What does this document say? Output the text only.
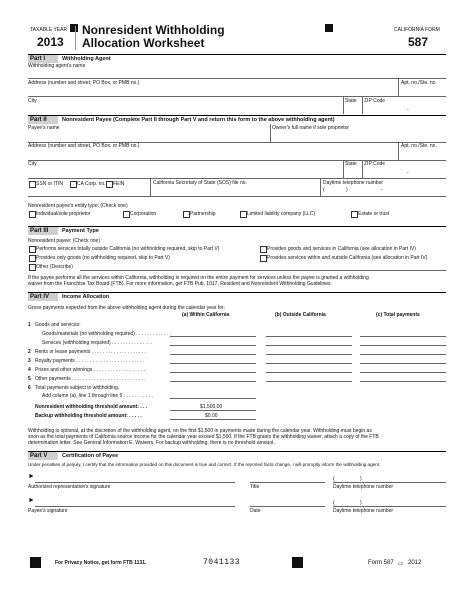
TAXABLE YEAR
2013
Nonresident Withholding
Allocation Worksheet
CALIFORNIA FORM
587
Part I	Withholding Agent
Withholding agent's name
Address (number and street, PO Box, or PMB no.)	Apt. no./Ste. no.
City	State ZIP Code
-
Part II	Nonresident Payee (Complete Part II through Part V and return this form to the above withholding agent)
Payee's name	Owner's full name if sole proprietor
Address (number and street, PO Box, or PMB no.)	Apt. no./Ste. no.
City	State ZIP Code
-
SSN or ITIN	CA Corp. no. FEIN	California Secretary of State (SOS) file no.	Daytime telephone number
(	)	-
Nonresident payee's entity type: (Check one)
Individual/sole proprietor	Corporation	Partnership	Limited liability company (LLC)	Estate or trust
Part III	Payment Type
Nonresident payee: (Check one)
Performs services totally outside California (no withholding required, skip to Part V)	Provides goods and services in California (see allocation in Part IV)
Provides only goods (no withholding required, skip to Part V)	Provides services within and outside California (see allocation in Part IV)
Other (Describe)
If the payee performs all the services within California, withholding is required on the entire payment for services unless the payee is granted a withholding
waiver from the Franchise Tax Board (FTB). For more information, get FTB Pub. 1017, Resident and Nonresident Withholding Guidelines.
Part IV	Income Allocation
Gross payments expected from the above withholding agent during the calendar year for:
(a) Within California	(b) Outside California	(c) Total payments
1 Goods and services:
Goods/materials (no withholding required) . . . . . . . . . . . . .
Services (withholding required) . . . . . . . . . . . . . . .
2 Rents or lease payments . . . . . . . . . . . . . . . . . . . .
3 Royalty payments . . . . . . . . . . . . . . . . . . . . . . . . .
4 Prizes and other winnings . . . . . . . . . . . . . . . . . . .
5 Other payments . . . . . . . . . . . . . . . . . . . . . . . . . . .
6 Total payments subject to withholding.
Add column (a), line 1 through line 5 . . . . . . . . . . .
Nonresident withholding threshold amount: . . .	$1,500.00
Backup withholding threshold amount: . . . . .	$0.00
Withholding is optional, at the discretion of the withholding agent, on the first $1,500 in payments made during the calendar year. Withholding must begin as
soon as the total payments of California source income for the calendar year exceed $1,500. If the FTB grants the withholding waiver, attach a copy of the FTB
determination letter. See General Information E, Waivers. For backup withholding, there is no threshold amount.
Part V	Certification of Payee
Under penalties of perjury, I certify that the information provided on this document is true and correct. If the reported facts change, I will promptly inform the withholding agent.
►	(	)
Authorized representative's signature	Title	Daytime telephone number
►	(	)
Payee's signature	Date	Daytime telephone number
For Privacy Notice, get form FTB 1131.	7041133	Form 587 C2 2012
